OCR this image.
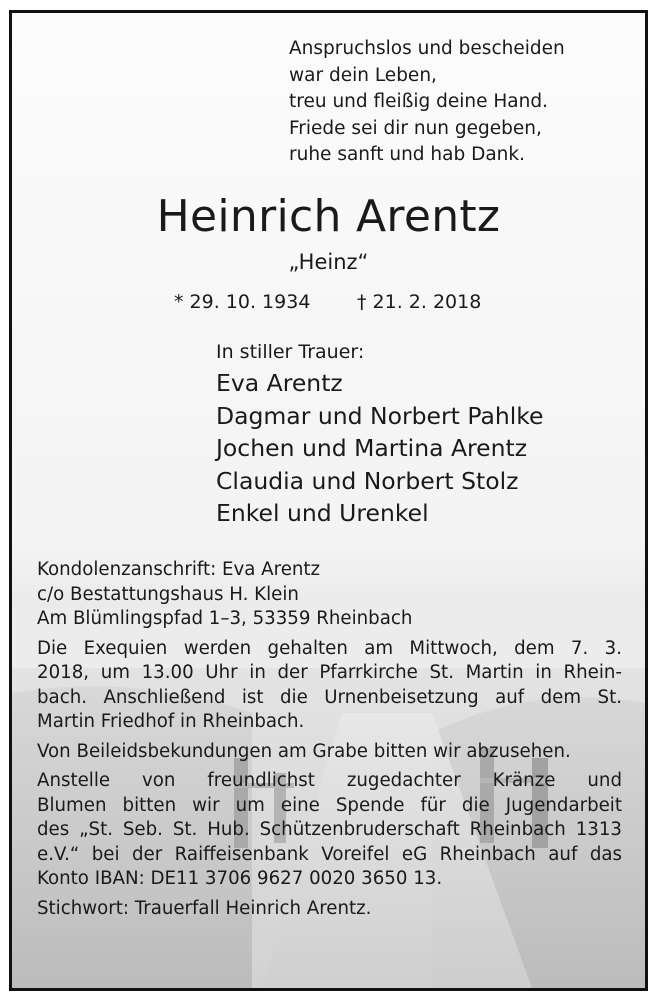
Anspruchslos und bescheiden
war dein Leben,
treu und fleißig deine Hand.
Friede sei dir nun gegeben,
ruhe sanft und hab Dank.
Heinrich Arentz
„Heinz“
* 29. 10. 1934 † 21. 2. 2018
In stiller Trauer:
Eva Arentz
Dagmar und Norbert Pahlke
Jochen und Martina Arentz
Claudia und Norbert Stolz
Enkel und Urenkel
Kondolenzanschrift: Eva Arentz
c/o Bestattungshaus H. Klein
Am Blümlingspfad 1–3, 53359 Rheinbach
Die Exequien werden gehalten am Mittwoch, dem 7. 3.
2018, um 13.00 Uhr in der Pfarrkirche St. Martin in Rhein-
bach. Anschließend ist die Urnenbeisetzung auf dem St.
Martin Friedhof in Rheinbach.
Von Beileidsbekundungen am Grabe bitten wir abzusehen.
Anstelle von freundlichst zugedachter Kränze und
Blumen bitten wir um eine Spende für die Jugendarbeit
des „St. Seb. St. Hub. Schützenbruderschaft Rheinbach 1313
e.V.“ bei der Raiffeisenbank Voreifel eG Rheinbach auf das
Konto IBAN: DE11 3706 9627 0020 3650 13.
Stichwort: Trauerfall Heinrich Arentz.
